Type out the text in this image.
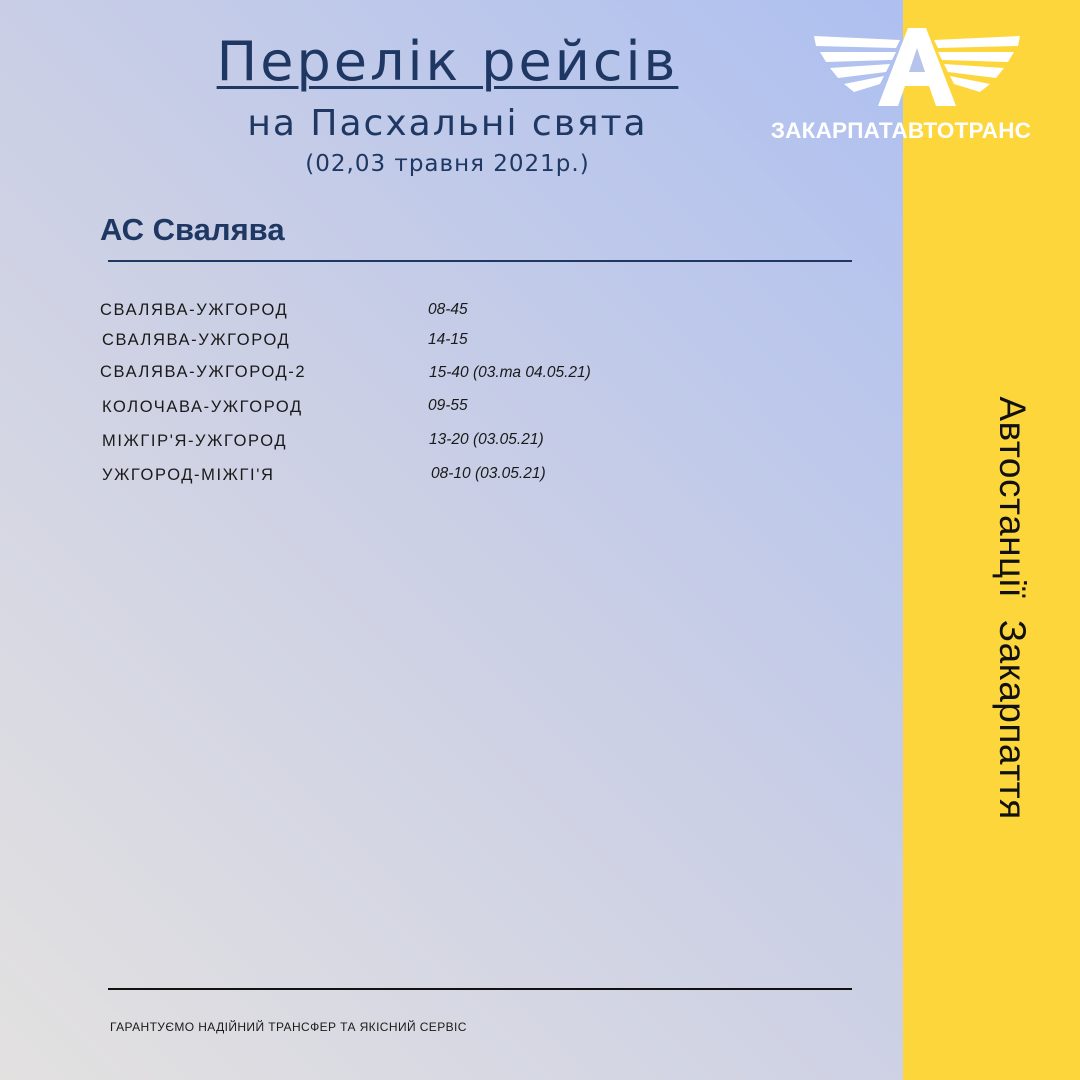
Автостанції  Закарпаття
ЗАКАРПАТАВТОТРАНС
Перелік рейсів
на Пасхальні свята
(02,03 травня 2021р.)
АС Свалява
СВАЛЯВА-УЖГОРОД	08-45
СВАЛЯВА-УЖГОРОД	14-15
СВАЛЯВА-УЖГОРОД-2	15-40 (03.та 04.05.21)
КОЛОЧАВА-УЖГОРОД	09-55
МІЖГІР'Я-УЖГОРОД	13-20 (03.05.21)
УЖГОРОД-МІЖГІ'Я	08-10 (03.05.21)
ГАРАНТУЄМО НАДІЙНИЙ ТРАНСФЕР ТА ЯКІСНИЙ СЕРВІС
